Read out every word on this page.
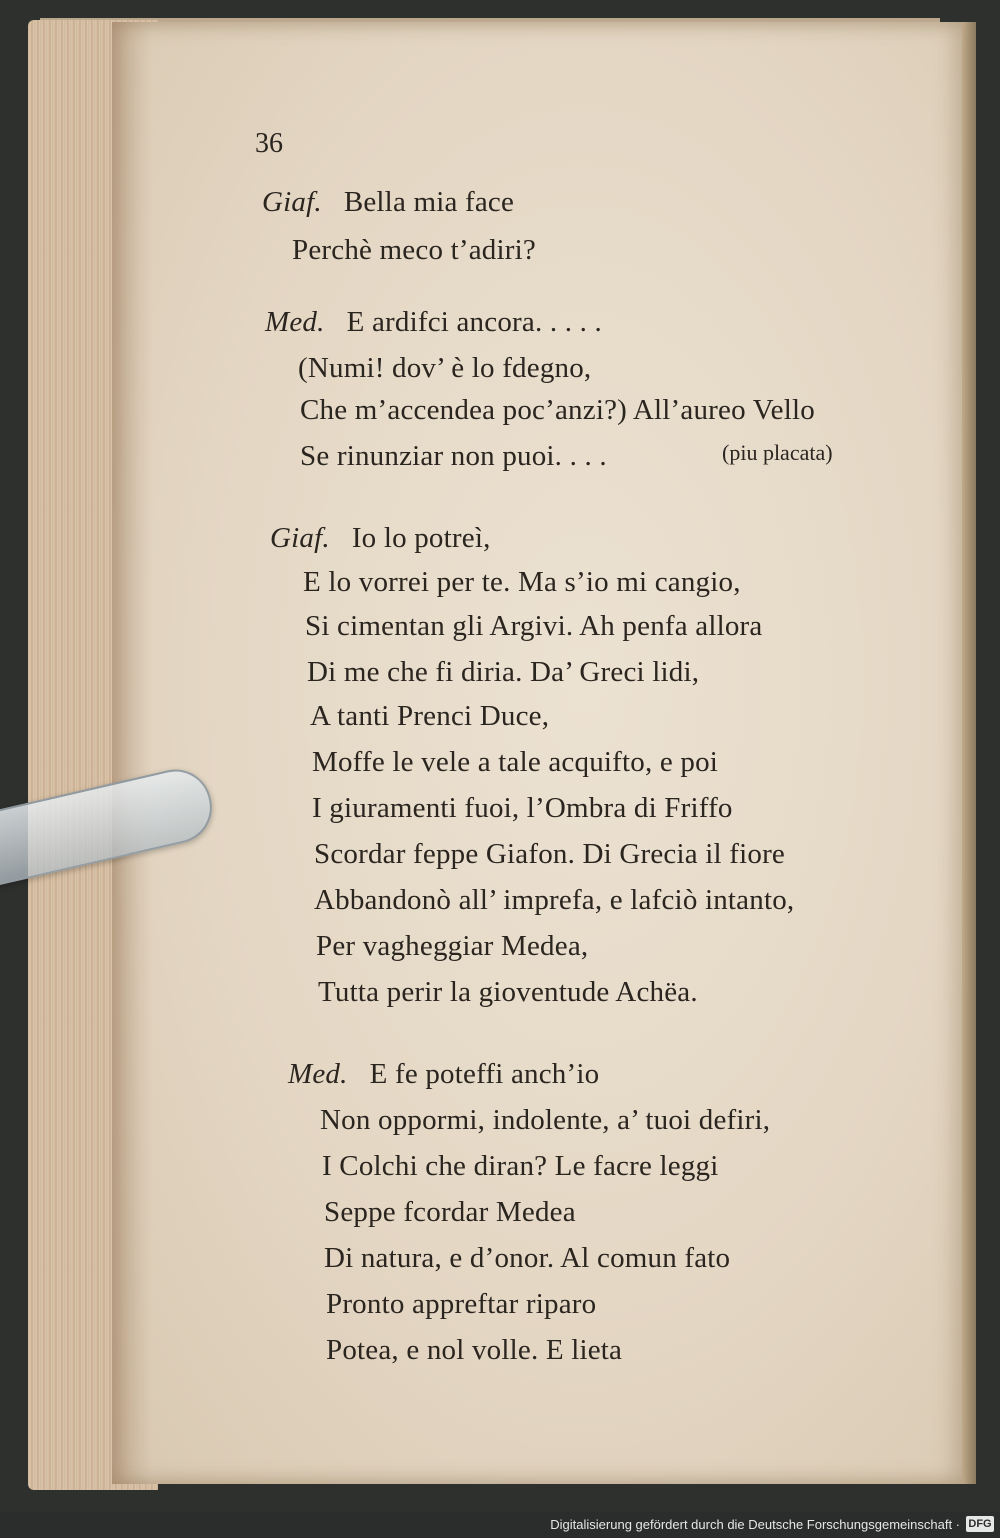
36
Giaf. Bella mia face
Perchè meco t’adiri?
Med. E ardifci ancora. . . . .
(Numi! dov’ è lo fdegno,
Che m’accendea poc’anzi?) All’aureo Vello
Se rinunziar non puoi. . . .	(piu placata)
Giaf. Io lo potreì,
E lo vorrei per te. Ma s’io mi cangio,
Si cimentan gli Argivi. Ah penfa allora
Di me che fi diria. Da’ Greci lidi,
A tanti Prenci Duce,
Moffe le vele a tale acquifto, e poi
I giuramenti fuoi, l’Ombra di Friffo
Scordar feppe Giafon. Di Grecia il fiore
Abbandonò all’ imprefa, e lafciò intanto,
Per vagheggiar Medea,
Tutta perir la gioventude Achëa.
Med. E fe poteffi anch’io
Non oppormi, indolente, a’ tuoi defiri,
I Colchi che diran? Le facre leggi
Seppe fcordar Medea
Di natura, e d’onor. Al comun fato
Pronto appreftar riparo
Potea, e nol volle. E lieta
Digitalisierung gefördert durch die Deutsche Forschungsgemeinschaft · DFG
